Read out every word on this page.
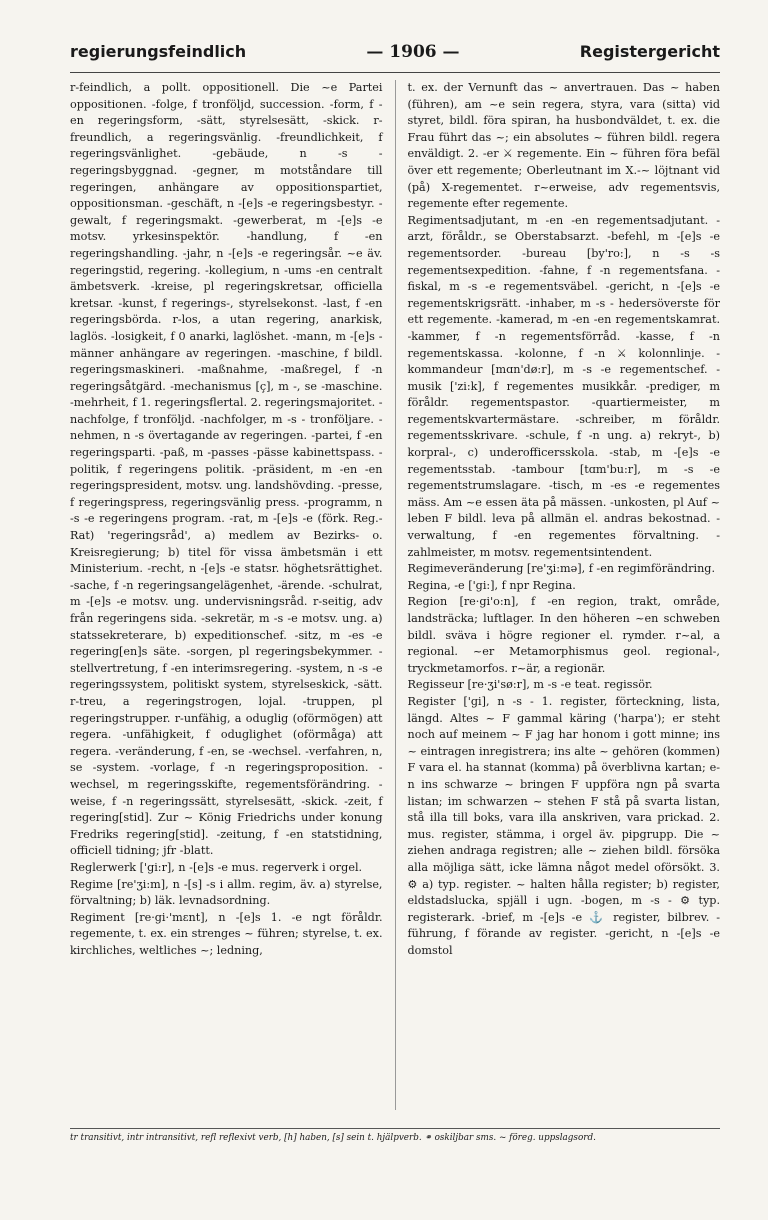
regierungsfeindlich	— 1906 —	Registergericht

r-feindlich, a pollt. oppositionell. Die ~e Partei oppositionen. -folge, f tronföljd, succession. -form, f -en regeringsform, -sätt, styrelsesätt, -skick. r-freundlich, a regeringsvänlig. -freundlichkeit, f regeringsvänlighet. -gebäude, n -s - regeringsbyggnad. -gegner, m motståndare till regeringen, anhängare av oppositionspartiet, oppositionsman. -geschäft, n -[e]s -e regeringsbestyr. -gewalt, f regeringsmakt. -gewerberat, m -[e]s -e motsv. yrkesinspektör. -handlung, f -en regeringshandling. -jahr, n -[e]s -e regeringsår. ~e äv. regeringstid, regering. -kollegium, n -ums -en centralt ämbetsverk. -kreise, pl regeringskretsar, officiella kretsar. -kunst, f regerings-, styrelsekonst. -last, f -en regeringsbörda. r-los, a utan regering, anarkisk, laglös. -losigkeit, f 0 anarki, laglöshet. -mann, m -[e]s -männer anhängare av regeringen. -maschine, f bildl. regeringsmaskineri. -maßnahme, -maßregel, f -n regeringsåtgärd. -mechanismus [ç], m -, se -maschine. -mehrheit, f 1. regeringsflertal. 2. regeringsmajoritet. -nachfolge, f tronföljd. -nachfolger, m -s - tronföljare. -nehmen, n -s övertagande av regeringen. -partei, f -en regeringsparti. -paß, m -passes -pässe kabinettspass. -politik, f regeringens politik. -präsident, m -en -en regeringspresident, motsv. ung. landshövding. -presse, f regeringspress, regeringsvänlig press. -programm, n -s -e regeringens program. -rat, m -[e]s -e (förk. Reg.-Rat) 'regeringsråd', a) medlem av Bezirks- o. Kreisregierung; b) titel för vissa ämbetsmän i ett Ministerium. -recht, n -[e]s -e statsr. höghetsrättighet. -sache, f -n regeringsangelägenhet, -ärende. -schulrat, m -[e]s -e motsv. ung. undervisningsråd. r-seitig, adv från regeringens sida. -sekretär, m -s -e motsv. ung. a) statssekreterare, b) expeditionschef. -sitz, m -es -e regering[en]s säte. -sorgen, pl regeringsbekymmer. -stellvertretung, f -en interimsregering. -system, n -s -e regeringssystem, politiskt system, styrelseskick, -sätt. r-treu, a regeringstrogen, lojal. -truppen, pl regeringstrupper. r-unfähig, a oduglig (oförmögen) att regera. -unfähigkeit, f oduglighet (oförmåga) att regera. -veränderung, f -en, se -wechsel. -verfahren, n, se -system. -vorlage, f -n regeringsproposition. -wechsel, m regeringsskifte, regementsförändring. -weise, f -n regeringssätt, styrelsesätt, -skick. -zeit, f regering[stid]. Zur ~ König Friedrichs under konung Fredriks regering[stid]. -zeitung, f -en statstidning, officiell tidning; jfr -blatt.

Reglerwerk ['gi:r], n -[e]s -e mus. regerverk i orgel.

Regime [re'ʒi:m], n -[s] -s i allm. regim, äv. a) styrelse, förvaltning; b) läk. levnadsordning.

Regiment [re·gi·'mɛnt], n -[e]s 1. -e ngt föråldr. regemente, t. ex. ein strenges ~ führen; styrelse, t. ex. kirchliches, weltliches ~; ledning,

t. ex. der Vernunft das ~ anvertrauen. Das ~ haben (führen), am ~e sein regera, styra, vara (sitta) vid styret, bildl. föra spiran, ha husbondväldet, t. ex. die Frau führt das ~; ein absolutes ~ führen bildl. regera enväldigt. 2. -er ⚔ regemente. Ein ~ führen föra befäl över ett regemente; Oberleutnant im X.-~ löjtnant vid (på) X-regementet. r~erweise, adv regementsvis, regemente efter regemente.

Regimentsadjutant, m -en -en regementsadjutant. -arzt, föråldr., se Oberstabsarzt. -befehl, m -[e]s -e regementsorder. -bureau [by'ro:], n -s -s regementsexpedition. -fahne, f -n regementsfana. -fiskal, m -s -e regementsväbel. -gericht, n -[e]s -e regementskrigsrätt. -inhaber, m -s - hedersöverste för ett regemente. -kamerad, m -en -en regementskamrat. -kammer, f -n regementsförråd. -kasse, f -n regementskassa. -kolonne, f -n ⚔ kolonnlinje. -kommandeur [mɑn'dø:r], m -s -e regementschef. -musik ['zi:k], f regementes musikkår. -prediger, m föråldr. regementspastor. -quartiermeister, m regementskvartermästare. -schreiber, m föråldr. regementsskrivare. -schule, f -n ung. a) rekryt-, b) korpral-, c) underofficersskola. -stab, m -[e]s -e regementsstab. -tambour [tɑm'bu:r], m -s -e regementstrumslagare. -tisch, m -es -e regementes mäss. Am ~e essen äta på mässen. -unkosten, pl Auf ~ leben F bildl. leva på allmän el. andras bekostnad. -verwaltung, f -en regementes förvaltning. -zahlmeister, m motsv. regementsintendent.

Regimeveränderung [re'ʒi:mə], f -en regimförändring.

Regina, -e ['gi:], f npr Regina.

Region [re·gi'o:n], f -en region, trakt, område, landsträcka; luftlager. In den höheren ~en schweben bildl. sväva i högre regioner el. rymder. r~al, a regional. ~er Metamorphismus geol. regional-, tryckmetamorfos. r~är, a regionär.

Regisseur [re·ʒi'sø:r], m -s -e teat. regissör.

Register ['gi], n -s - 1. register, förteckning, lista, längd. Altes ~ F gammal käring ('harpa'); er steht noch auf meinem ~ F jag har honom i gott minne; ins ~ eintragen inregistrera; ins alte ~ gehören (kommen) F vara el. ha stannat (komma) på överblivna kartan; e-n ins schwarze ~ bringen F uppföra ngn på svarta listan; im schwarzen ~ stehen F stå på svarta listan, stå illa till boks, vara illa anskriven, vara prickad. 2. mus. register, stämma, i orgel äv. pipgrupp. Die ~ ziehen andraga registren; alle ~ ziehen bildl. försöka alla möjliga sätt, icke lämna något medel oförsökt. 3. ⚙ a) typ. register. ~ halten hålla register; b) register, eldstadslucka, spjäll i ugn. -bogen, m -s - ⚙ typ. registerark. -brief, m -[e]s -e ⚓ register, bilbrev. -führung, f förande av register. -gericht, n -[e]s -e domstol

tr transitivt, intr intransitivt, refl reflexivt verb, [h] haben, [s] sein t. hjälpverb. ⚭ oskiljbar sms. ~ föreg. uppslagsord.
